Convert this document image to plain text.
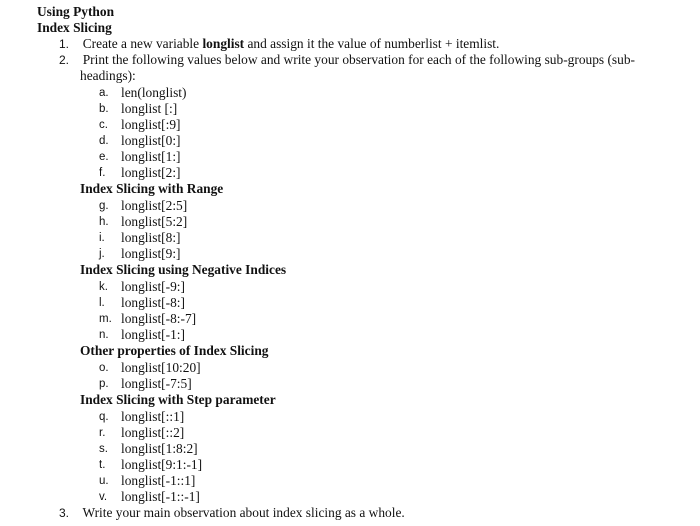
Using Python
Index Slicing
1. Create a new variable longlist and assign it the value of numberlist + itemlist.
2. Print the following values below and write your observation for each of the following sub-groups (sub-
headings):
a. len(longlist)
b. longlist [:]
c. longlist[:9]
d. longlist[0:]
e. longlist[1:]
f. longlist[2:]
Index Slicing with Range
g. longlist[2:5]
h. longlist[5:2]
i. longlist[8:]
j. longlist[9:]
Index Slicing using Negative Indices
k. longlist[-9:]
l. longlist[-8:]
m. longlist[-8:-7]
n. longlist[-1:]
Other properties of Index Slicing
o. longlist[10:20]
p. longlist[-7:5]
Index Slicing with Step parameter
q. longlist[::1]
r. longlist[::2]
s. longlist[1:8:2]
t. longlist[9:1:-1]
u. longlist[-1::1]
v. longlist[-1::-1]
3. Write your main observation about index slicing as a whole.
